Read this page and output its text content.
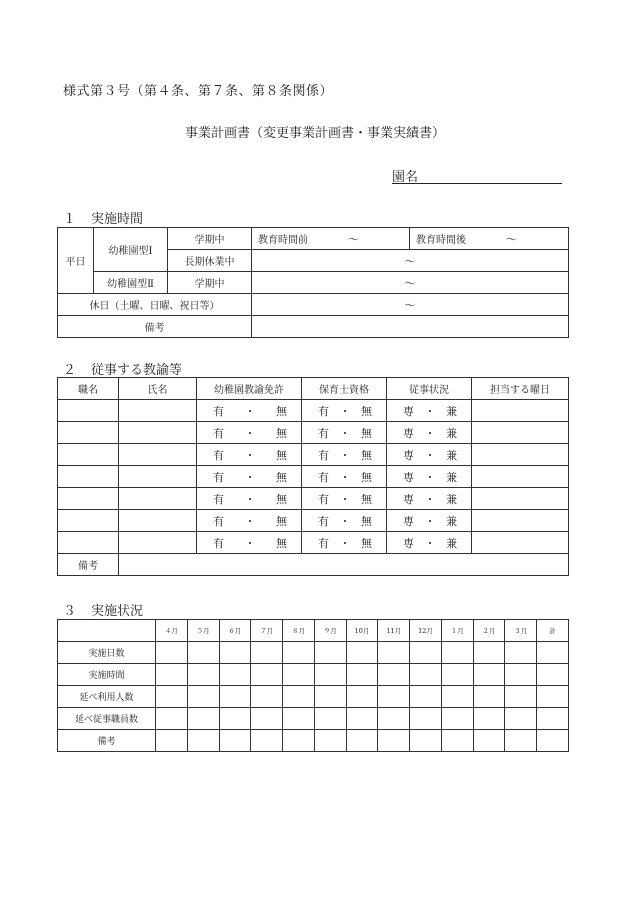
様式第３号（第４条、第７条、第８条関係）
事業計画書（変更事業計画書・事業実績書）
園名
１ 実施時間
平日	幼稚園型Ⅰ	学期中	教育時間前 〜	教育時間後 〜
		長期休業中	〜	
	幼稚園型Ⅱ	学期中	〜	
休日（土曜、日曜、祝日等）			〜	
備考				
２ 従事する教諭等
職名	氏名	幼稚園教諭免許	保育士資格	従事状況	担当する曜日

		有 ・ 無	有 ・ 無	専 ・ 兼	

		有 ・ 無	有 ・ 無	専 ・ 兼	

		有 ・ 無	有 ・ 無	専 ・ 兼	

		有 ・ 無	有 ・ 無	専 ・ 兼	

		有 ・ 無	有 ・ 無	専 ・ 兼	

		有 ・ 無	有 ・ 無	専 ・ 兼	

		有 ・ 無	有 ・ 無	専 ・ 兼	

備考					
３ 実施状況
	４月	５月	６月	７月	８月	９月	10月	11月	12月	１月	２月	３月	計
実施日数													
実施時間													
延べ利用人数													
延べ従事職員数													
備考													
